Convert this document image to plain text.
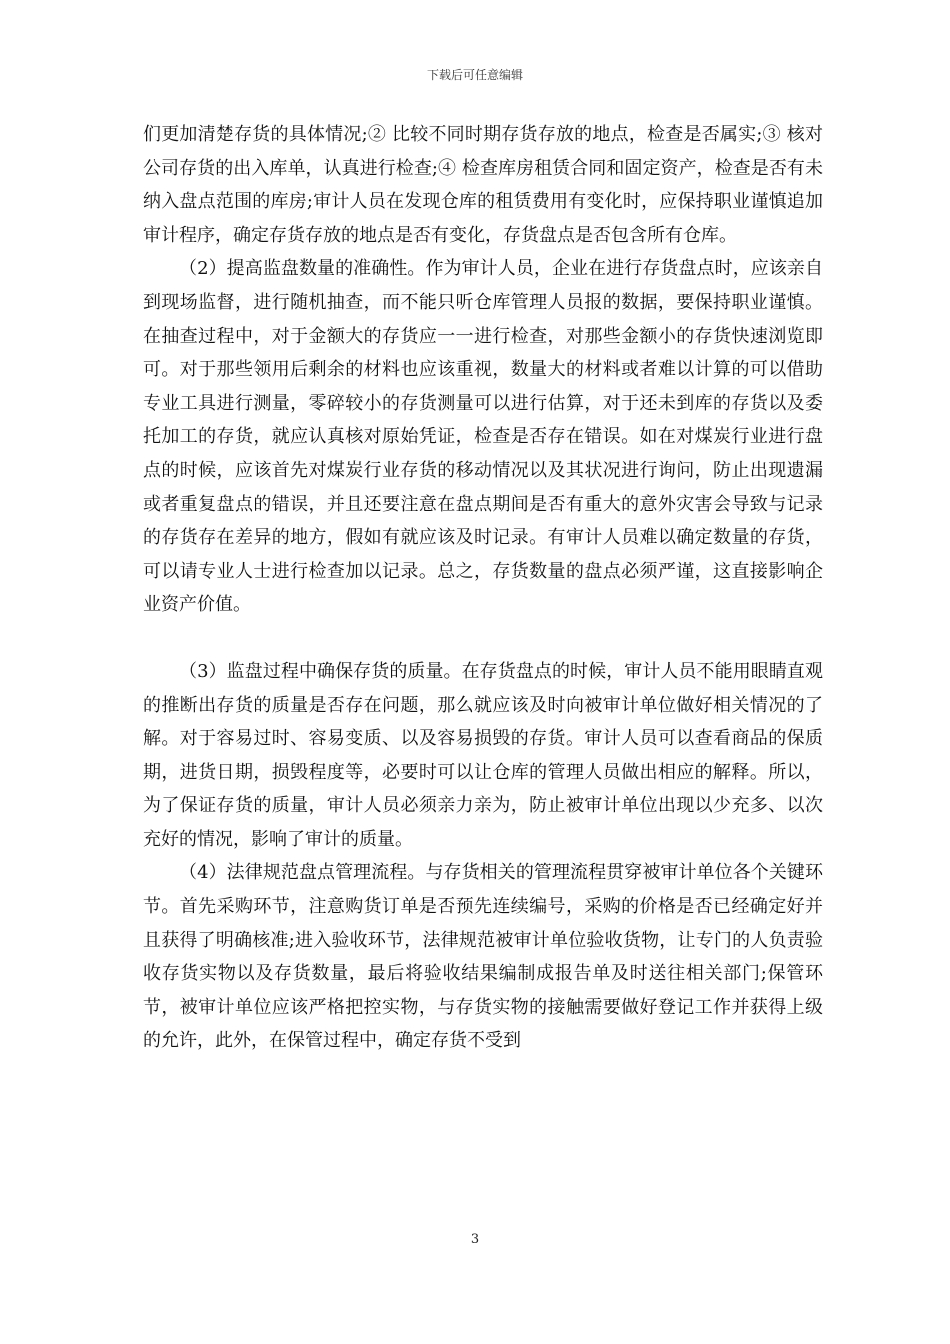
下载后可任意编辑

们更加清楚存货的具体情况;② 比较不同时期存货存放的地点，检查是否属实;③ 核对公司存货的出入库单，认真进行检查;④ 检查库房租赁合同和固定资产，检查是否有未纳入盘点范围的库房;审计人员在发现仓库的租赁费用有变化时，应保持职业谨慎追加审计程序，确定存货存放的地点是否有变化，存货盘点是否包含所有仓库。

（2）提高监盘数量的准确性。作为审计人员，企业在进行存货盘点时，应该亲自到现场监督，进行随机抽查，而不能只听仓库管理人员报的数据，要保持职业谨慎。在抽查过程中，对于金额大的存货应一一进行检查，对那些金额小的存货快速浏览即可。对于那些领用后剩余的材料也应该重视，数量大的材料或者难以计算的可以借助专业工具进行测量，零碎较小的存货测量可以进行估算，对于还未到库的存货以及委托加工的存货，就应认真核对原始凭证，检查是否存在错误。如在对煤炭行业进行盘点的时候，应该首先对煤炭行业存货的移动情况以及其状况进行询问，防止出现遗漏或者重复盘点的错误，并且还要注意在盘点期间是否有重大的意外灾害会导致与记录的存货存在差异的地方，假如有就应该及时记录。有审计人员难以确定数量的存货，可以请专业人士进行检查加以记录。总之，存货数量的盘点必须严谨，这直接影响企业资产价值。

（3）监盘过程中确保存货的质量。在存货盘点的时候，审计人员不能用眼睛直观的推断出存货的质量是否存在问题，那么就应该及时向被审计单位做好相关情况的了解。对于容易过时、容易变质、以及容易损毁的存货。审计人员可以查看商品的保质期，进货日期，损毁程度等，必要时可以让仓库的管理人员做出相应的解释。所以，为了保证存货的质量，审计人员必须亲力亲为，防止被审计单位出现以少充多、以次充好的情况，影响了审计的质量。

（4）法律规范盘点管理流程。与存货相关的管理流程贯穿被审计单位各个关键环节。首先采购环节，注意购货订单是否预先连续编号，采购的价格是否已经确定好并且获得了明确核准;进入验收环节，法律规范被审计单位验收货物，让专门的人负责验收存货实物以及存货数量，最后将验收结果编制成报告单及时送往相关部门;保管环节，被审计单位应该严格把控实物，与存货实物的接触需要做好登记工作并获得上级的允许，此外，在保管过程中，确定存货不受到

3
